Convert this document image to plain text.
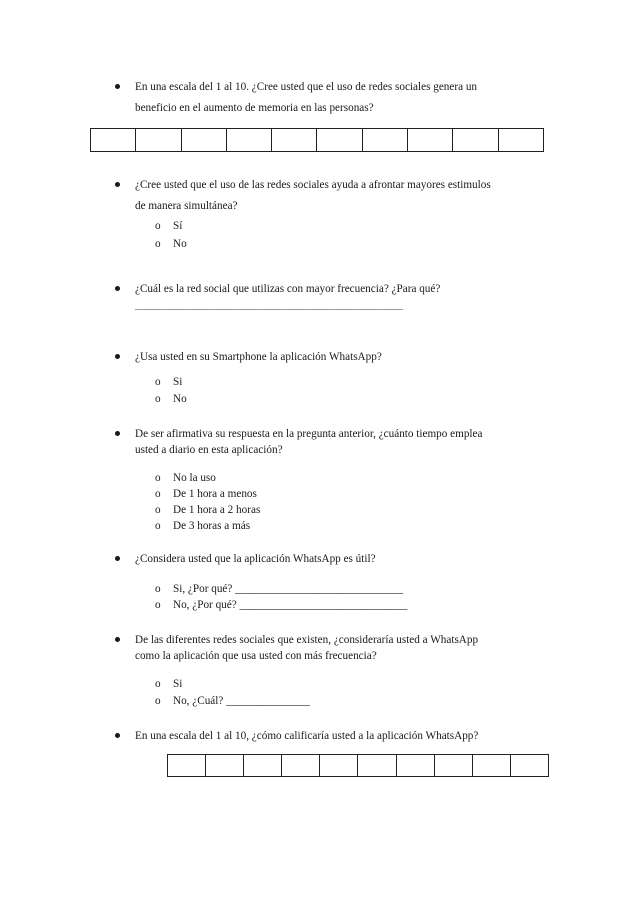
En una escala del 1 al 10. ¿Cree usted que el uso de redes sociales genera un
beneficio en el aumento de memoria en las personas?

¿Cree usted que el uso de las redes sociales ayuda a afrontar mayores estimulos
de manera simultánea?
o Sí
o No
¿Cuál es la red social que utilizas con mayor frecuencia? ¿Para qué?
_________________________________________________________________________________________
¿Usa usted en su Smartphone la aplicación WhatsApp?
o Si
o No
De ser afirmativa su respuesta en la pregunta anterior, ¿cuánto tiempo emplea
usted a diario en esta aplicación?
o No la uso
o De 1 hora a menos
o De 1 hora a 2 horas
o De 3 horas a más
¿Considera usted que la aplicación WhatsApp es útil?
o Si, ¿Por qué? ______________________________
o No, ¿Por qué? ______________________________
De las diferentes redes sociales que existen, ¿consideraría usted a WhatsApp
como la aplicación que usa usted con más frecuencia?
o Si
o No, ¿Cuál? _______________
En una escala del 1 al 10, ¿cómo calificaría usted a la aplicación WhatsApp?
